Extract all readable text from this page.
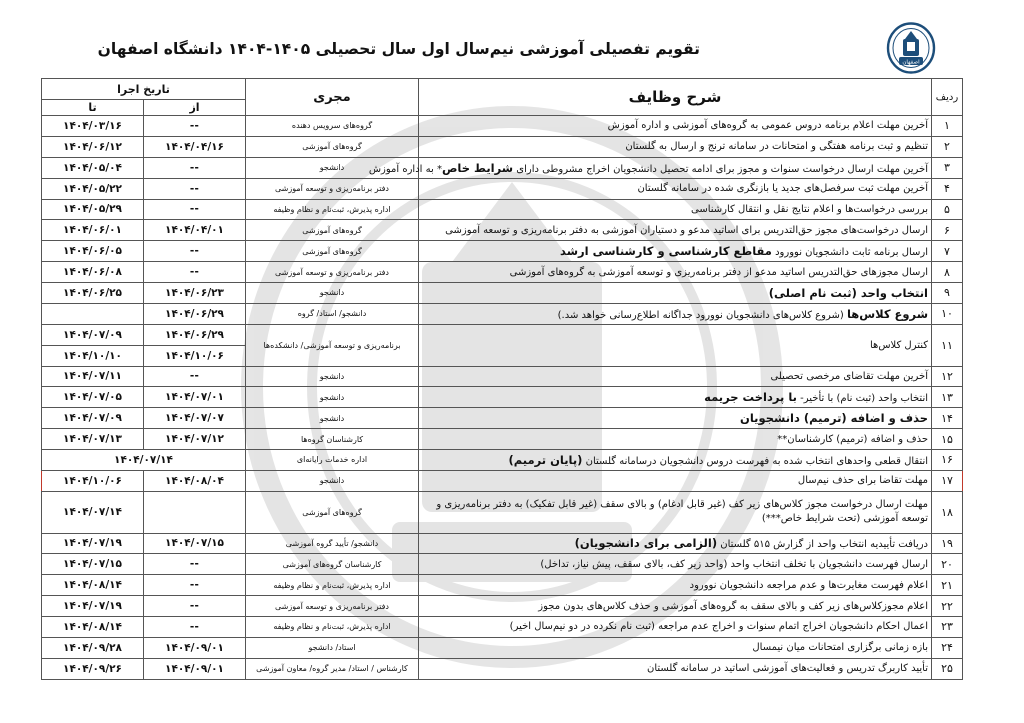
اصفهان
تقویم تفصیلی آموزشی نیم‌سال اول سال تحصیلی ۱۴۰۵-۱۴۰۴ دانشگاه اصفهان
ردیف	شرح وظایف	مجری	تاریخ اجرا	
			از	تا
۱	آخرین مهلت اعلام برنامه دروس عمومی به گروه‌های آموزشی و اداره آموزش	گروه‌های سرویس دهنده	--	۱۴۰۴/۰۳/۱۶
۲	تنظیم و ثبت برنامه هفتگی و امتحانات در سامانه ترنج و ارسال به گلستان	گروه‌های آموزشی	۱۴۰۴/۰۴/۱۶	۱۴۰۴/۰۶/۱۲
۳	آخرین مهلت ارسال درخواست سنوات و مجوز برای ادامه تحصیل دانشجویان اخراج مشروطی دارای شرایط خاص* به اداره آموزش	دانشجو	--	۱۴۰۴/۰۵/۰۴
۴	آخرین مهلت ثبت سرفصل‌های جدید یا بازنگری شده در سامانه گلستان	دفتر برنامه‌ریزی و توسعه آموزشی	--	۱۴۰۴/۰۵/۲۲
۵	بررسی درخواست‌ها و اعلام نتایج نقل و انتقال کارشناسی	اداره پذیرش، ثبت‌نام و نظام وظیفه	--	۱۴۰۴/۰۵/۲۹
۶	ارسال درخواست‌های مجوز حق‌التدریس برای اساتید مدعو و دستیاران آموزشی به دفتر برنامه‌ریزی و توسعه آموزشی	گروه‌های آموزشی	۱۴۰۴/۰۴/۰۱	۱۴۰۴/۰۶/۰۱
۷	ارسال برنامه ثابت دانشجویان نوورود مقاطع کارشناسی و کارشناسی ارشد	گروه‌های آموزشی	--	۱۴۰۴/۰۶/۰۵
۸	ارسال مجوزهای حق‌التدریس اساتید مدعو از دفتر برنامه‌ریزی و توسعه آموزشی به گروه‌های آموزشی	دفتر برنامه‌ریزی و توسعه آموزشی	--	۱۴۰۴/۰۶/۰۸
۹	انتخاب واحد (ثبت نام اصلی)	دانشجو	۱۴۰۴/۰۶/۲۳	۱۴۰۴/۰۶/۲۵
۱۰	شروع کلاس‌ها (شروع کلاس‌های دانشجویان نوورود جداگانه اطلاع‌رسانی خواهد شد.)	دانشجو/ استاد/ گروه	۱۴۰۴/۰۶/۲۹	
۱۱	کنترل کلاس‌ها	برنامه‌ریزی و توسعه آموزشی/ دانشکده‌ها	۱۴۰۴/۰۶/۲۹	۱۴۰۴/۰۷/۰۹
			۱۴۰۴/۱۰/۰۶	۱۴۰۴/۱۰/۱۰
۱۲	آخرین مهلت تقاضای مرخصی تحصیلی	دانشجو	--	۱۴۰۴/۰۷/۱۱
۱۳	انتخاب واحد (ثبت نام) با تأخیر- با پرداخت جریمه	دانشجو	۱۴۰۴/۰۷/۰۱	۱۴۰۴/۰۷/۰۵
۱۴	حذف و اضافه (ترمیم) دانشجویان	دانشجو	۱۴۰۴/۰۷/۰۷	۱۴۰۴/۰۷/۰۹
۱۵	حذف و اضافه (ترمیم) کارشناسان**	کارشناسان گروه‌ها	۱۴۰۴/۰۷/۱۲	۱۴۰۴/۰۷/۱۳
۱۶	انتقال قطعی واحدهای انتخاب شده به فهرست دروس دانشجویان درسامانه گلستان (پایان ترمیم)	اداره خدمات رایانه‌ای	۱۴۰۴/۰۷/۱۴	
۱۷	مهلت تقاضا برای حذف نیم‌سال	دانشجو	۱۴۰۴/۰۸/۰۴	۱۴۰۴/۱۰/۰۶
۱۸	مهلت ارسال درخواست مجوز کلاس‌های زیر کف (غیر قابل ادغام) و بالای سقف (غیر قابل تفکیک) به دفتر برنامه‌ریزی و توسعه آموزشی (تحت شرایط خاص***)	گروه‌های آموزشی		۱۴۰۴/۰۷/۱۴
۱۹	دریافت تأییدیه انتخاب واحد از گزارش ۵۱۵ گلستان (الزامی برای دانشجویان)	دانشجو/ تأیید گروه آموزشی	۱۴۰۴/۰۷/۱۵	۱۴۰۴/۰۷/۱۹
۲۰	ارسال فهرست دانشجویان با تخلف انتخاب واحد (واحد زیر کف، بالای سقف، پیش نیاز، تداخل)	کارشناسان گروه‌های آموزشی	--	۱۴۰۴/۰۷/۱۵
۲۱	اعلام فهرست مغایرت‌ها و عدم مراجعه دانشجویان نوورود	اداره پذیرش، ثبت‌نام و نظام وظیفه	--	۱۴۰۴/۰۸/۱۴
۲۲	اعلام مجوزکلاس‌های زیر کف و بالای سقف به گروه‌های آموزشی و حذف کلاس‌های بدون مجوز	دفتر برنامه‌ریزی و توسعه آموزشی	--	۱۴۰۴/۰۷/۱۹
۲۳	اعمال احکام دانشجویان اخراج اتمام سنوات و اخراج عدم مراجعه (ثبت نام نکرده در دو نیم‌سال اخیر)	اداره پذیرش، ثبت‌نام و نظام وظیفه	--	۱۴۰۴/۰۸/۱۴
۲۴	بازه زمانی برگزاری امتحانات میان نیمسال	استاد/ دانشجو	۱۴۰۴/۰۹/۰۱	۱۴۰۴/۰۹/۲۸
۲۵	تأیید کاربرگ تدریس و فعالیت‌های آموزشی اساتید در سامانه گلستان	کارشناس / استاد/ مدیر گروه/ معاون آموزشی	۱۴۰۴/۰۹/۰۱	۱۴۰۴/۰۹/۲۶
